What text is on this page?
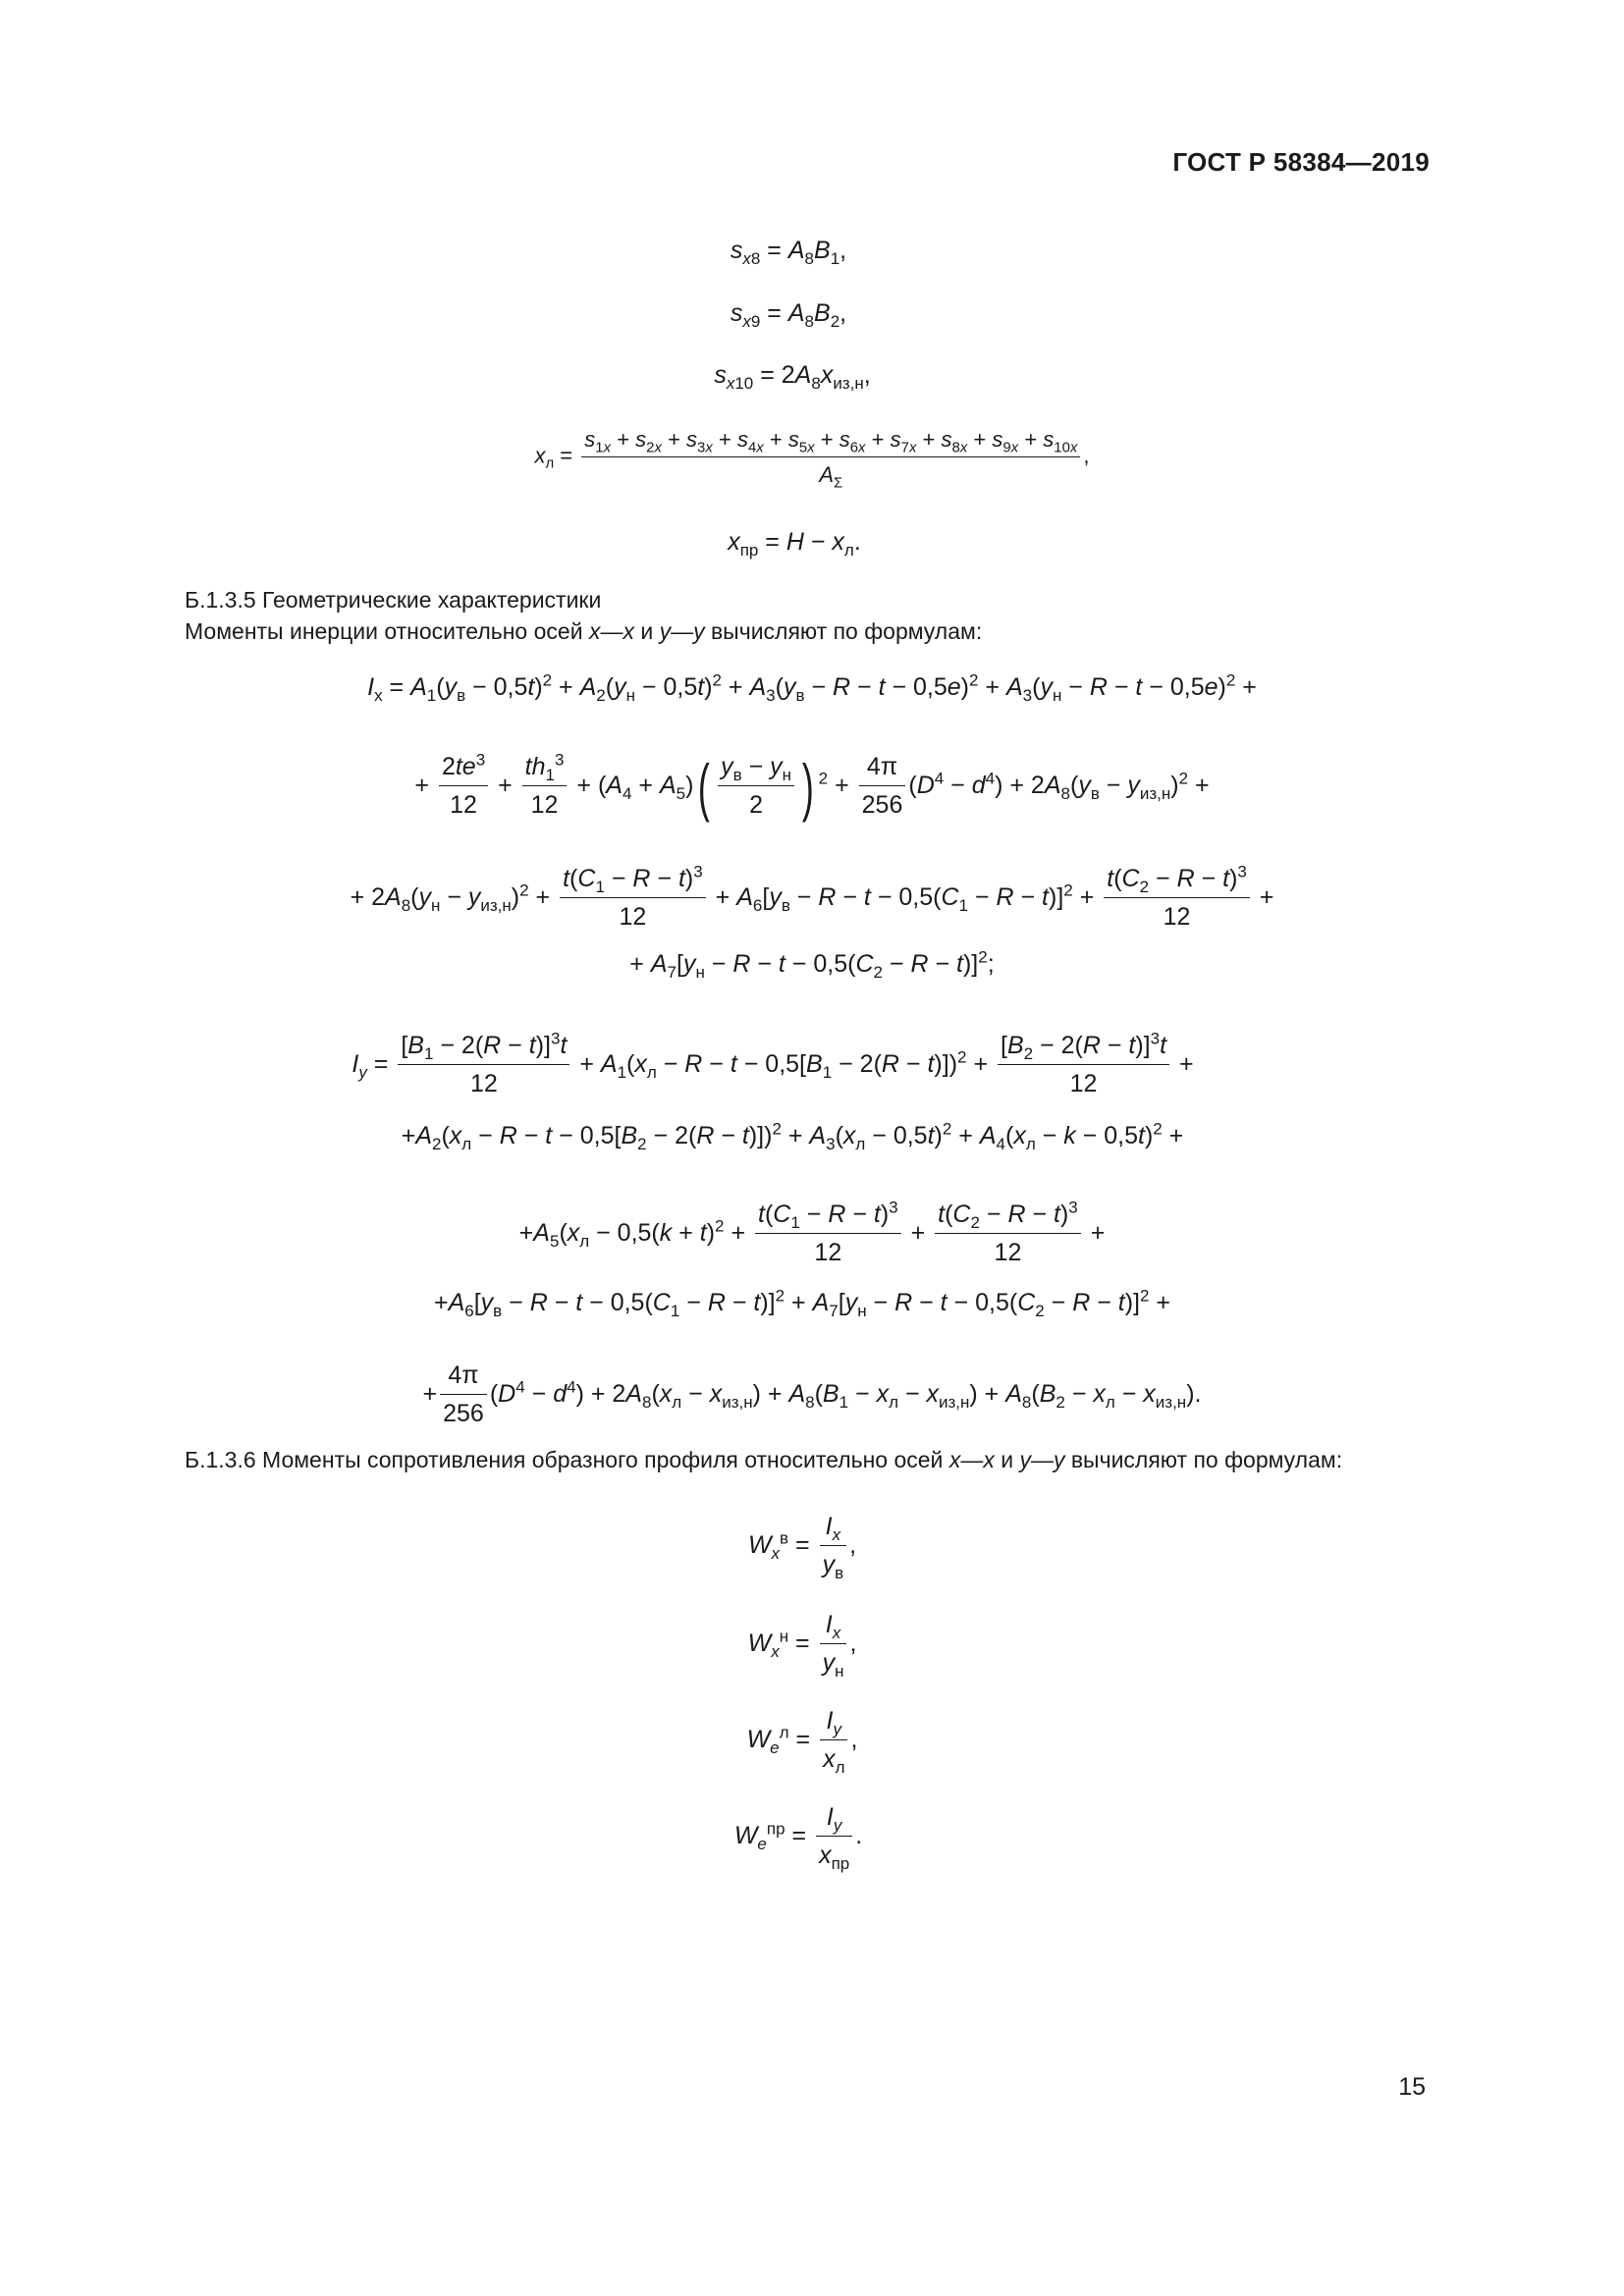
ГОСТ Р 58384—2019
$s_{x8} = A_8B_1$,
$s_{x9} = A_8B_2$,
$s_{x10} = 2A_8x_{из,н}$,
$x_л = \frac{s_{1x} + s_{2x} + s_{3x} + s_{4x} + s_{5x} + s_{6x} + s_{7x} + s_{8x} + s_{9x} + s_{10x}}{A_\Sigma}$ ,
$x_{пр} = H - x_л$.
Б.1.3.5 Геометрические характеристики
Моменты инерции относительно осей x—x и y—y вычисляют по формулам:
$I_x = A_1(y_в - 0,5t)^2 + A_2(y_н - 0,5t)^2 + A_3(y_в - R - t - 0,5e)^2 + A_3(y_н - R - t - 0,5e)^2$ +
+ $\frac{2te^3}{12} + \frac{th_1^3}{12} + (A_4 + A_5)( \frac{y_в - y_н}{2}$ ) $^2 + \frac{4\pi}{256} (D^4 - d^4) + 2A_8(y_в - y_{из,н})^2$ +
+ $2A_8(y_н - y_{из,н})^2 + \frac{t(C_1 - R - t)^3}{12} + A_6[y_в - R - t - 0,5(C_1 - R - t)]^2 + \frac{t(C_2 - R - t)^3}{12}$ +
+ $A_7[y_н - R - t - 0,5(C_2 - R - t)]^2$;
$I_y = \frac{[B_1 - 2(R - t)]^3t}{12} + A_1(x_л - R - t - 0,5[B_1 - 2(R - t)])^2 + \frac{[B_2 - 2(R - t)]^3t}{12}$ +
$+A_2(x_л - R - t - 0,5[B_2 - 2(R - t)])^2 + A_3(x_л - 0,5t)^2 + A_4(x_л - k - 0,5t)^2$ +
$+A_5(x_л - 0,5(k + t)^2 + \frac{t(C_1 - R - t)^3}{12} + \frac{t(C_2 - R - t)^3}{12}$ +
$+A_6[y_в - R - t - 0,5(C_1 - R - t)]^2 + A_7[y_н - R - t - 0,5(C_2 - R - t)]^2$ +
+ $\frac{4\pi}{256} (D^4 - d^4) + 2A_8(x_л - x_{из,н}) + A_8(B_1 - x_л - x_{из,н}) + A_8(B_2 - x_л - x_{из,н})$.
Б.1.3.6 Моменты сопротивления образного профиля относительно осей x—x и y—y вычисляют по формулам:
$W_x^в = \frac{I_x}{y_в}$ ,
$W_x^н = \frac{I_x}{y_н}$ ,
$W_e^л = \frac{I_y}{x_л}$ ,
$W_e^{пр} = \frac{I_y}{x_{пр}}$ .
15
